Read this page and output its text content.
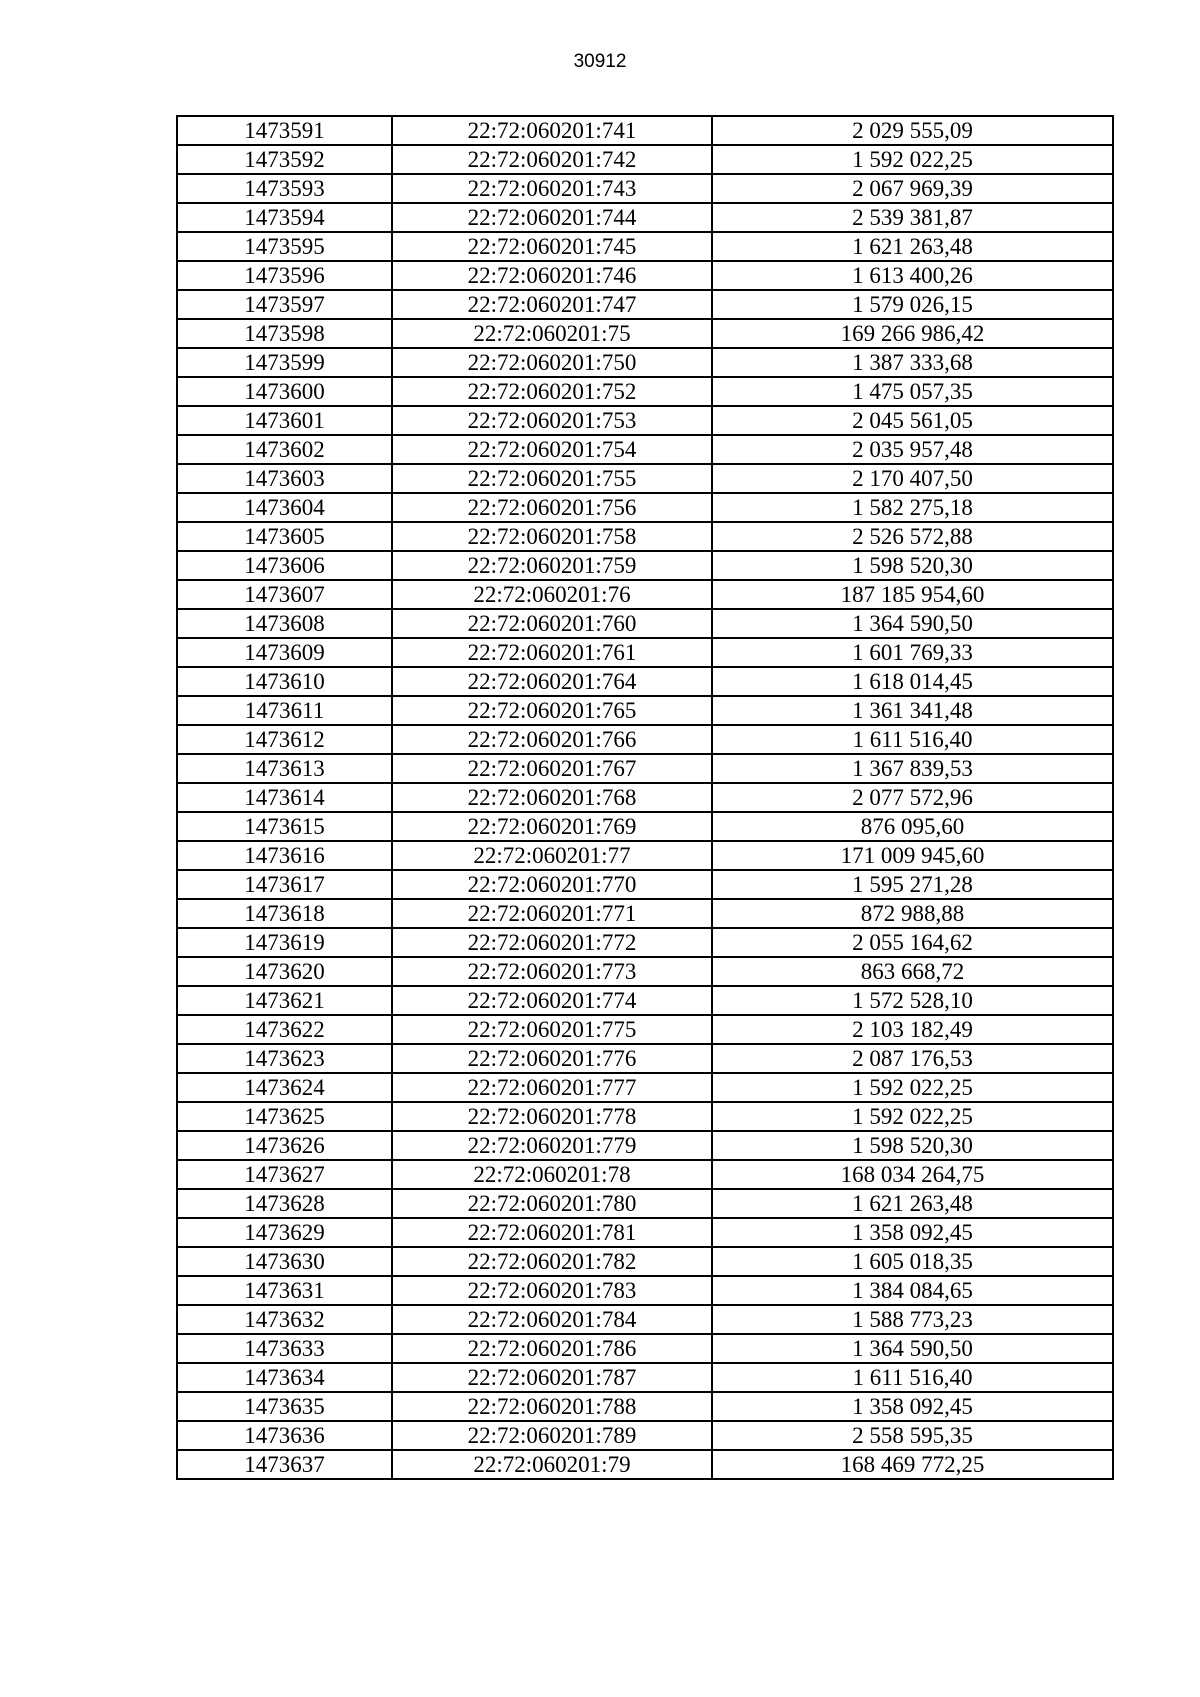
30912
1473591	22:72:060201:741	2 029 555,09
1473592	22:72:060201:742	1 592 022,25
1473593	22:72:060201:743	2 067 969,39
1473594	22:72:060201:744	2 539 381,87
1473595	22:72:060201:745	1 621 263,48
1473596	22:72:060201:746	1 613 400,26
1473597	22:72:060201:747	1 579 026,15
1473598	22:72:060201:75	169 266 986,42
1473599	22:72:060201:750	1 387 333,68
1473600	22:72:060201:752	1 475 057,35
1473601	22:72:060201:753	2 045 561,05
1473602	22:72:060201:754	2 035 957,48
1473603	22:72:060201:755	2 170 407,50
1473604	22:72:060201:756	1 582 275,18
1473605	22:72:060201:758	2 526 572,88
1473606	22:72:060201:759	1 598 520,30
1473607	22:72:060201:76	187 185 954,60
1473608	22:72:060201:760	1 364 590,50
1473609	22:72:060201:761	1 601 769,33
1473610	22:72:060201:764	1 618 014,45
1473611	22:72:060201:765	1 361 341,48
1473612	22:72:060201:766	1 611 516,40
1473613	22:72:060201:767	1 367 839,53
1473614	22:72:060201:768	2 077 572,96
1473615	22:72:060201:769	876 095,60
1473616	22:72:060201:77	171 009 945,60
1473617	22:72:060201:770	1 595 271,28
1473618	22:72:060201:771	872 988,88
1473619	22:72:060201:772	2 055 164,62
1473620	22:72:060201:773	863 668,72
1473621	22:72:060201:774	1 572 528,10
1473622	22:72:060201:775	2 103 182,49
1473623	22:72:060201:776	2 087 176,53
1473624	22:72:060201:777	1 592 022,25
1473625	22:72:060201:778	1 592 022,25
1473626	22:72:060201:779	1 598 520,30
1473627	22:72:060201:78	168 034 264,75
1473628	22:72:060201:780	1 621 263,48
1473629	22:72:060201:781	1 358 092,45
1473630	22:72:060201:782	1 605 018,35
1473631	22:72:060201:783	1 384 084,65
1473632	22:72:060201:784	1 588 773,23
1473633	22:72:060201:786	1 364 590,50
1473634	22:72:060201:787	1 611 516,40
1473635	22:72:060201:788	1 358 092,45
1473636	22:72:060201:789	2 558 595,35
1473637	22:72:060201:79	168 469 772,25
